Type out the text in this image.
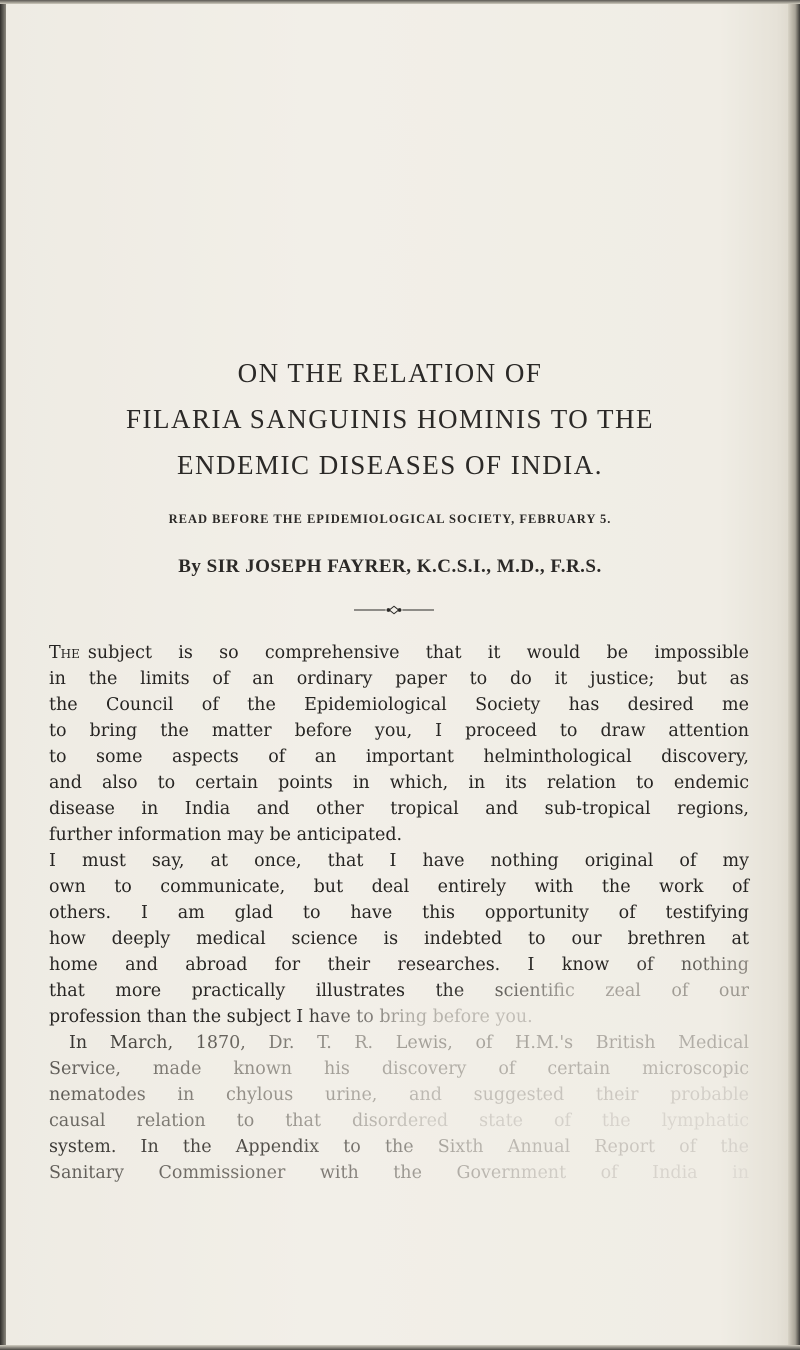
ON THE RELATION OF
FILARIA SANGUINIS HOMINIS TO THE
ENDEMIC DISEASES OF INDIA.
READ BEFORE THE EPIDEMIOLOGICAL SOCIETY, FEBRUARY 5.
By SIR JOSEPH FAYRER, K.C.S.I., M.D., F.R.S.
The subject is so comprehensive that it would be impossible
in the limits of an ordinary paper to do it justice; but as
the Council of the Epidemiological Society has desired me
to bring the matter before you, I proceed to draw attention
to some aspects of an important helminthological discovery,
and also to certain points in which, in its relation to endemic
disease in India and other tropical and sub-tropical regions,
further information may be anticipated.
I must say, at once, that I have nothing original of my
own to communicate, but deal entirely with the work of
others. I am glad to have this opportunity of testifying
how deeply medical science is indebted to our brethren at
home and abroad for their researches. I know of nothing
that more practically illustrates the scientific zeal of our
profession than the subject I have to bring before you.
In March, 1870, Dr. T. R. Lewis, of H.M.'s British Medical
Service, made known his discovery of certain microscopic
nematodes in chylous urine, and suggested their probable
causal relation to that disordered state of the lymphatic
system. In the Appendix to the Sixth Annual Report of the
Sanitary Commissioner with the Government of India in
